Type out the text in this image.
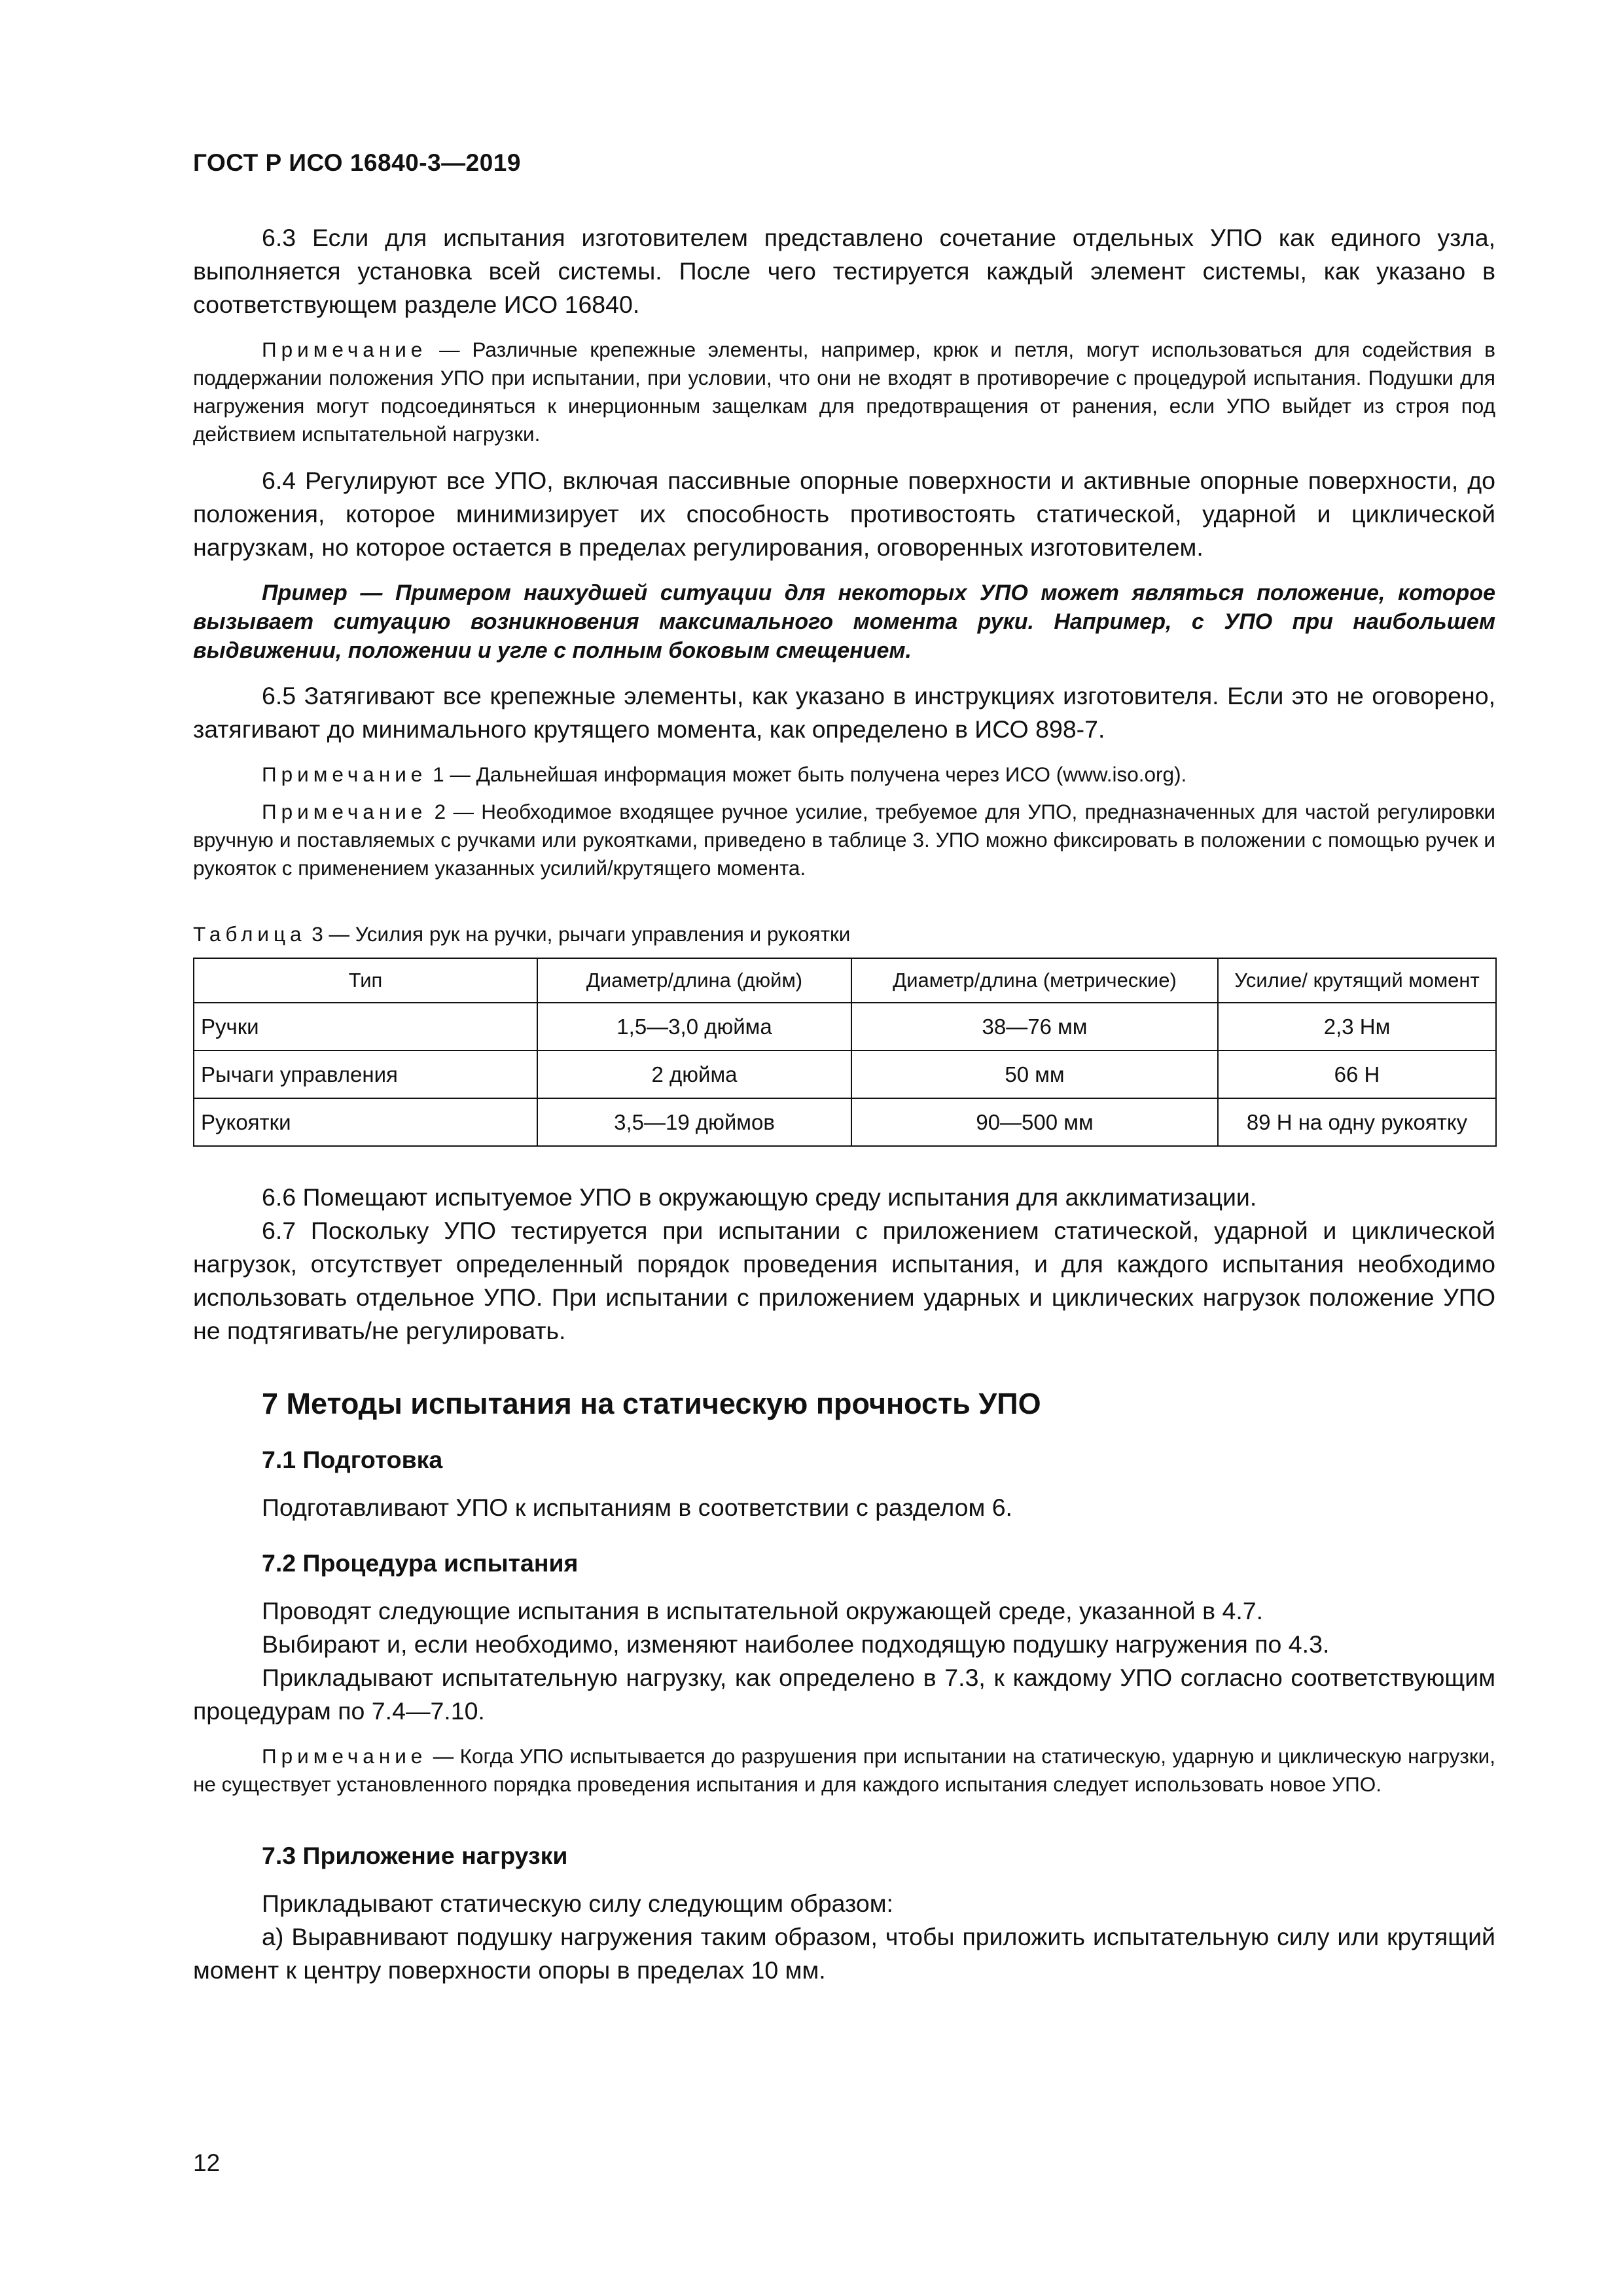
ГОСТ Р ИСО 16840-3—2019

6.3 Если для испытания изготовителем представлено сочетание отдельных УПО как единого узла, выполняется установка всей системы. После чего тестируется каждый элемент системы, как указано в соответствующем разделе ИСО 16840.

Примечание — Различные крепежные элементы, например, крюк и петля, могут использоваться для содействия в поддержании положения УПО при испытании, при условии, что они не входят в противоречие с процедурой испытания. Подушки для нагружения могут подсоединяться к инерционным защелкам для предотвращения от ранения, если УПО выйдет из строя под действием испытательной нагрузки.

6.4 Регулируют все УПО, включая пассивные опорные поверхности и активные опорные поверхности, до положения, которое минимизирует их способность противостоять статической, ударной и циклической нагрузкам, но которое остается в пределах регулирования, оговоренных изготовителем.

Пример — Примером наихудшей ситуации для некоторых УПО может являться положение, которое вызывает ситуацию возникновения максимального момента руки. Например, с УПО при наибольшем выдвижении, положении и угле с полным боковым смещением.

6.5 Затягивают все крепежные элементы, как указано в инструкциях изготовителя. Если это не оговорено, затягивают до минимального крутящего момента, как определено в ИСО 898-7.

Примечание 1 — Дальнейшая информация может быть получена через ИСО (www.iso.org).

Примечание 2 — Необходимое входящее ручное усилие, требуемое для УПО, предназначенных для частой регулировки вручную и поставляемых с ручками или рукоятками, приведено в таблице 3. УПО можно фиксировать в положении с помощью ручек и рукояток с применением указанных усилий/крутящего момента.

Таблица 3 — Усилия рук на ручки, рычаги управления и рукоятки

Тип	Диаметр/длина (дюйм)	Диаметр/длина (метрические)	Усилие/ крутящий момент
Ручки	1,5—3,0 дюйма	38—76 мм	2,3 Нм
Рычаги управления	2 дюйма	50 мм	66 Н
Рукоятки	3,5—19 дюймов	90—500 мм	89 Н на одну рукоятку

6.6 Помещают испытуемое УПО в окружающую среду испытания для акклиматизации.

6.7 Поскольку УПО тестируется при испытании с приложением статической, ударной и циклической нагрузок, отсутствует определенный порядок проведения испытания, и для каждого испытания необходимо использовать отдельное УПО. При испытании с приложением ударных и циклических нагрузок положение УПО не подтягивать/не регулировать.

7 Методы испытания на статическую прочность УПО
7.1 Подготовка

Подготавливают УПО к испытаниям в соответствии с разделом 6.

7.2 Процедура испытания

Проводят следующие испытания в испытательной окружающей среде, указанной в 4.7.

Выбирают и, если необходимо, изменяют наиболее подходящую подушку нагружения по 4.3.

Прикладывают испытательную нагрузку, как определено в 7.3, к каждому УПО согласно соответствующим процедурам по 7.4—7.10.

Примечание — Когда УПО испытывается до разрушения при испытании на статическую, ударную и циклическую нагрузки, не существует установленного порядка проведения испытания и для каждого испытания следует использовать новое УПО.

7.3 Приложение нагрузки

Прикладывают статическую силу следующим образом:

а) Выравнивают подушку нагружения таким образом, чтобы приложить испытательную силу или крутящий момент к центру поверхности опоры в пределах 10 мм.

12
